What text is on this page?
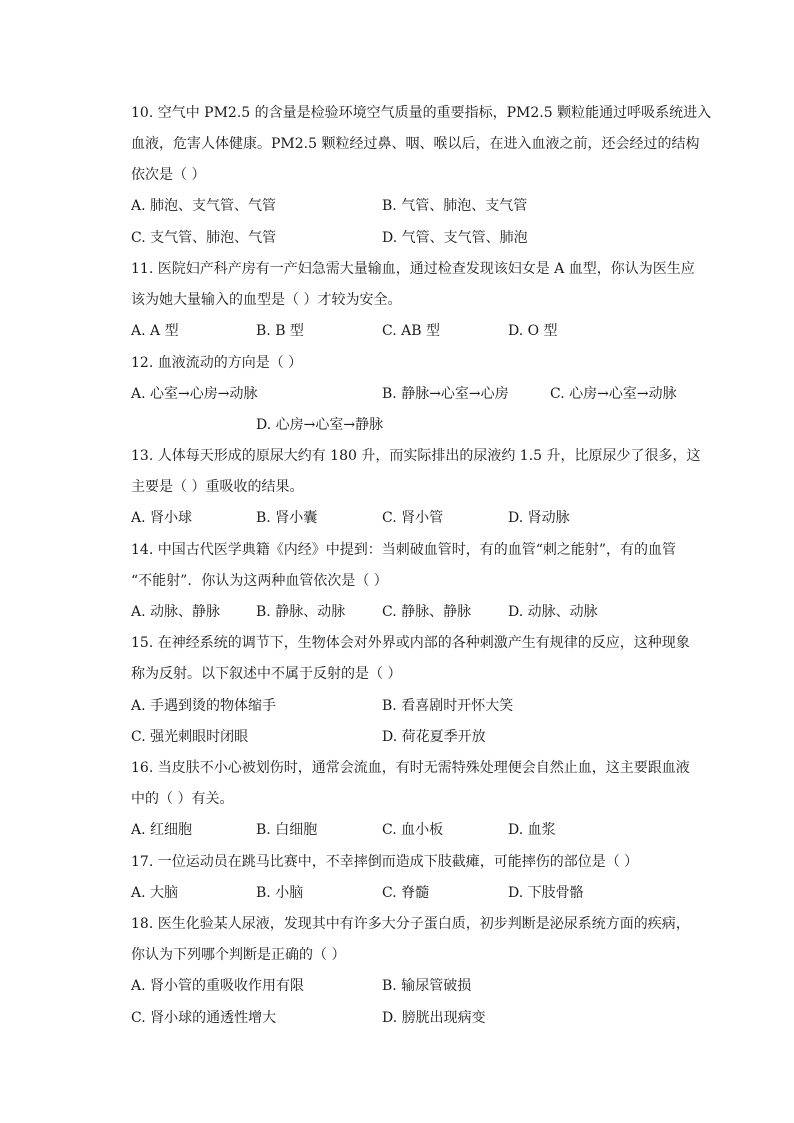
10. 空气中 PM2.5 的含量是检验环境空气质量的重要指标，PM2.5 颗粒能通过呼吸系统进入
血液，危害人体健康。PM2.5 颗粒经过鼻、咽、喉以后，在进入血液之前，还会经过的结构
依次是（ ）
A. 肺泡、支气管、气管	B. 气管、肺泡、支气管
C. 支气管、肺泡、气管	D. 气管、支气管、肺泡
11. 医院妇产科产房有一产妇急需大量输血，通过检查发现该妇女是 A 血型，你认为医生应
该为她大量输入的血型是（ ）才较为安全。
A. A 型	B. B 型	C. AB 型	D. O 型
12. 血液流动的方向是（ ）
A. 心室→心房→动脉	B. 静脉→心室→心房	C. 心房→心室→动脉
D. 心房→心室→静脉
13. 人体每天形成的原尿大约有 180 升，而实际排出的尿液约 1.5 升，比原尿少了很多，这
主要是（ ）重吸收的结果。
A. 肾小球	B. 肾小囊	C. 肾小管	D. 肾动脉
14. 中国古代医学典籍《内经》中提到：当刺破血管时，有的血管“刺之能射”，有的血管
“不能射”．你认为这两种血管依次是（ ）
A. 动脉、静脉	B. 静脉、动脉	C. 静脉、静脉	D. 动脉、动脉
15. 在神经系统的调节下，生物体会对外界或内部的各种刺激产生有规律的反应，这种现象
称为反射。以下叙述中不属于反射的是（ ）
A. 手遇到烫的物体缩手	B. 看喜剧时开怀大笑
C. 强光刺眼时闭眼	D. 荷花夏季开放
16. 当皮肤不小心被划伤时，通常会流血，有时无需特殊处理便会自然止血，这主要跟血液
中的（ ）有关。
A. 红细胞	B. 白细胞	C. 血小板	D. 血浆
17. 一位运动员在跳马比赛中，不幸摔倒而造成下肢截瘫，可能摔伤的部位是（ ）
A. 大脑	B. 小脑	C. 脊髓	D. 下肢骨骼
18. 医生化验某人尿液，发现其中有许多大分子蛋白质，初步判断是泌尿系统方面的疾病，
你认为下列哪个判断是正确的（ ）
A. 肾小管的重吸收作用有限	B. 输尿管破损
C. 肾小球的通透性增大	D. 膀胱出现病变
